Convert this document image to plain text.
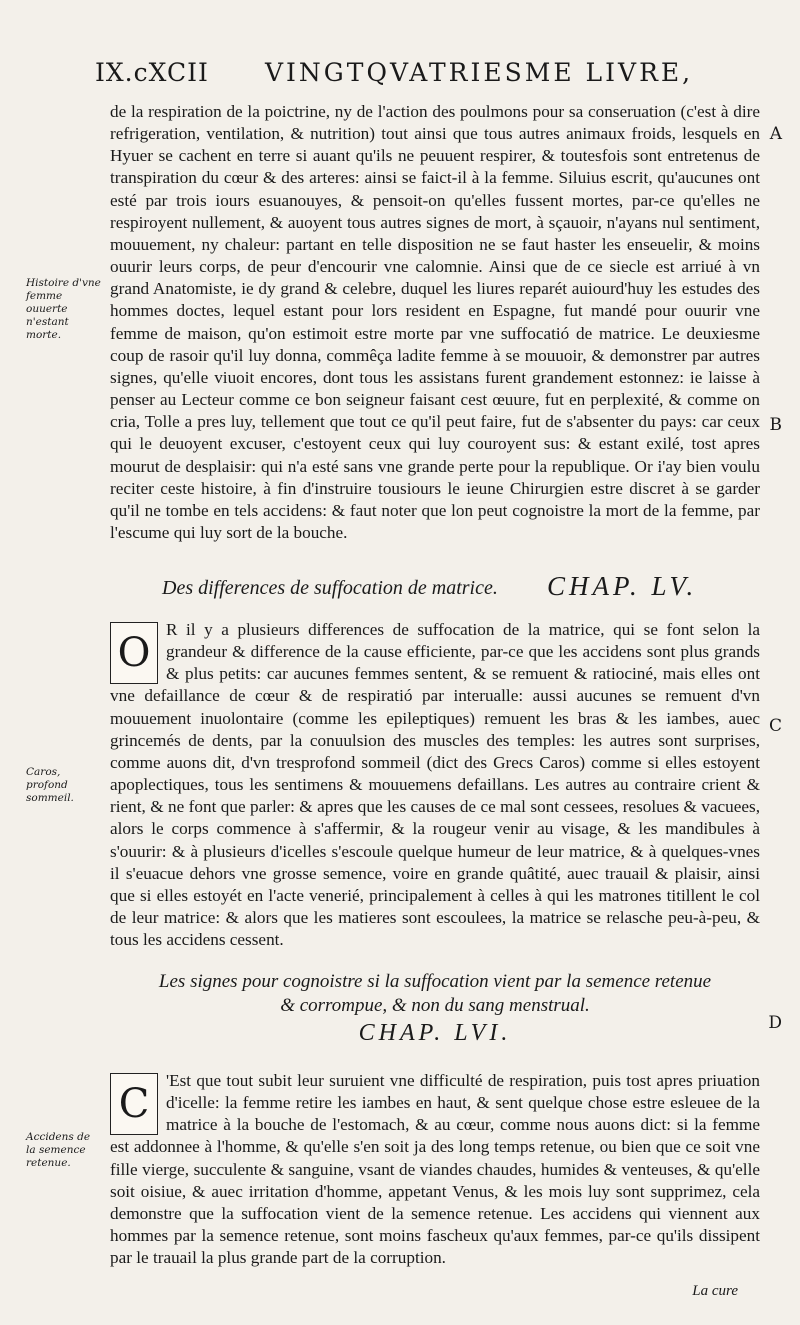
IX.cXCII VINGTQVATRIESME LIVRE,
Histoire d'vne femme ouuerte n'estant morte.
Caros, profond sommeil.
Accidens de la semence retenue.
A
B
C
D

de la respiration de la poictrine, ny de l'action des poulmons pour sa conseruation (c'est à dire refrigeration, ventilation, & nutrition) tout ainsi que tous autres animaux froids, lesquels en Hyuer se cachent en terre si auant qu'ils ne peuuent respirer, & toutesfois sont entretenus de transpiration du cœur & des arteres: ainsi se faict-il à la femme. Siluius escrit, qu'aucunes ont esté par trois iours esuanouyes, & pensoit-on qu'elles fussent mortes, par-ce qu'elles ne respiroyent nullement, & auoyent tous autres signes de mort, à sçauoir, n'ayans nul sentiment, mouuement, ny chaleur: partant en telle disposition ne se faut haster les enseuelir, & moins ouurir leurs corps, de peur d'encourir vne calomnie. Ainsi que de ce siecle est arriué à vn grand Anatomiste, ie dy grand & celebre, duquel les liures reparét auiourd'huy les estudes des hommes doctes, lequel estant pour lors resident en Espagne, fut mandé pour ouurir vne femme de maison, qu'on estimoit estre morte par vne suffocatió de matrice. Le deuxiesme coup de rasoir qu'il luy donna, commêça ladite femme à se mouuoir, & demonstrer par autres signes, qu'elle viuoit encores, dont tous les assistans furent grandement estonnez: ie laisse à penser au Lecteur comme ce bon seigneur faisant cest œuure, fut en perplexité, & comme on cria, Tolle a pres luy, tellement que tout ce qu'il peut faire, fut de s'absenter du pays: car ceux qui le deuoyent excuser, c'estoyent ceux qui luy couroyent sus: & estant exilé, tost apres mourut de desplaisir: qui n'a esté sans vne grande perte pour la republique. Or i'ay bien voulu reciter ceste histoire, à fin d'instruire tousiours le ieune Chirurgien estre discret à se garder qu'il ne tombe en tels accidens: & faut noter que lon peut cognoistre la mort de la femme, par l'escume qui luy sort de la bouche.

Des differences de suffocation de matrice. CHAP. LV.

O
R il y a plusieurs differences de suffocation de la matrice, qui se font selon la grandeur & difference de la cause efficiente, par-ce que les accidens sont plus grands & plus petits: car aucunes femmes sentent, & se remuent & ratiociné, mais elles ont vne defaillance de cœur & de respiratió par interualle: aussi aucunes se remuent d'vn mouuement inuolontaire (comme les epileptiques) remuent les bras & les iambes, auec grincemés de dents, par la conuulsion des muscles des temples: les autres sont surprises, comme auons dit, d'vn tresprofond sommeil (dict des Grecs Caros) comme si elles estoyent apoplectiques, tous les sentimens & mouuemens defaillans. Les autres au contraire crient & rient, & ne font que parler: & apres que les causes de ce mal sont cessees, resolues & vacuees, alors le corps commence à s'affermir, & la rougeur venir au visage, & les mandibules à s'ouurir: & à plusieurs d'icelles s'escoule quelque humeur de leur matrice, & à quelques-vnes il s'euacue dehors vne grosse semence, voire en grande quâtité, auec trauail & plaisir, ainsi que si elles estoyét en l'acte venerié, principalement à celles à qui les matrones titillent le col de leur matrice: & alors que les matieres sont escoulees, la matrice se relasche peu-à-peu, & tous les accidens cessent.

Les signes pour cognoistre si la suffocation vient par la semence retenue
& corrompue, & non du sang menstrual.
CHAP. LVI.

C
'Est que tout subit leur suruient vne difficulté de respiration, puis tost apres priuation d'icelle: la femme retire les iambes en haut, & sent quelque chose estre esleuee de la matrice à la bouche de l'estomach, & au cœur, comme nous auons dict: si la femme est addonnee à l'homme, & qu'elle s'en soit ja des long temps retenue, ou bien que ce soit vne fille vierge, succulente & sanguine, vsant de viandes chaudes, humides & venteuses, & qu'elle soit oisiue, & auec irritation d'homme, appetant Venus, & les mois luy sont supprimez, cela demonstre que la suffocation vient de la semence retenue. Les accidens qui viennent aux hommes par la semence retenue, sont moins fascheux qu'aux femmes, par-ce qu'ils dissipent par le trauail la plus grande part de la corruption.

La cure
